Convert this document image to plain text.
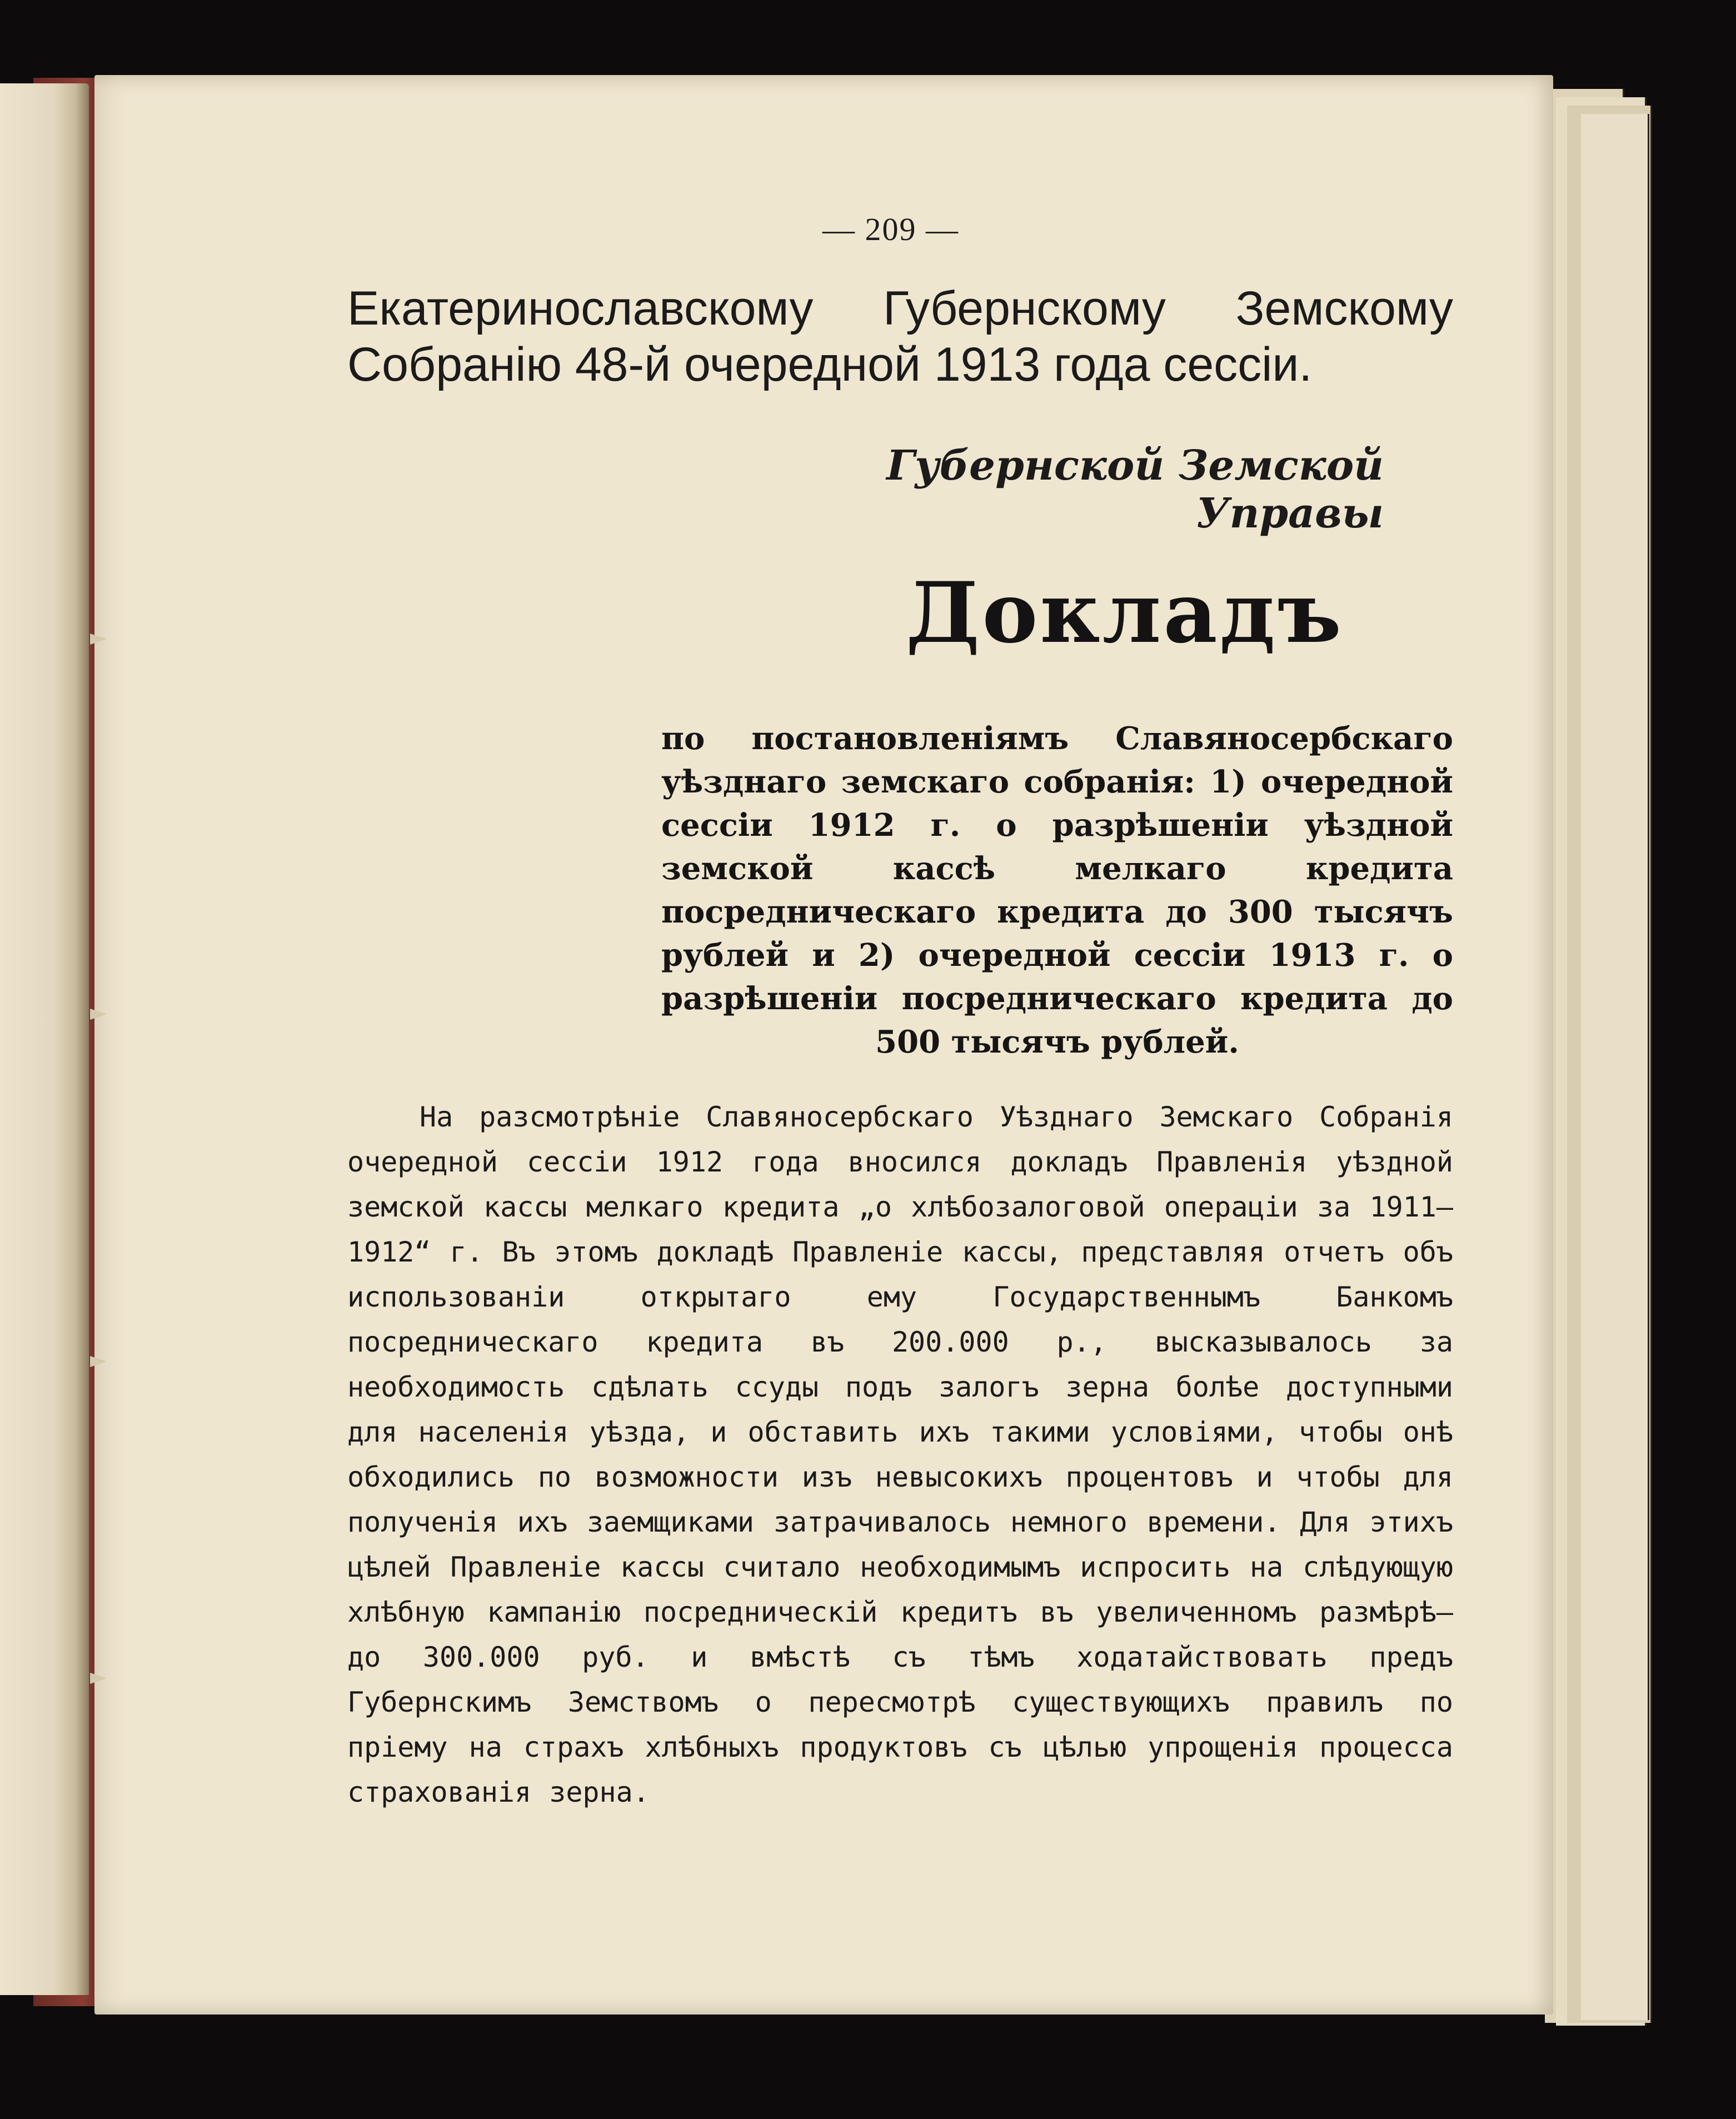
— 209 —
Екатеринославскому Губернскому Земскому Собранію 48-й очередной 1913 года сессіи.
Губернской Земской Управы
Докладъ
по постановленіямъ Славяносербскаго уѣзднаго земскаго собранія: 1) очередной сессіи 1912 г. о разрѣшеніи уѣздной земской кассѣ мелкаго кредита посредническаго кредита до 300 тысячъ рублей и 2) очередной сессіи 1913 г. о разрѣшеніи посредническаго кредита до 500 тысячъ рублей.
На разсмотрѣніе Славяносербскаго Уѣзднаго Земскаго Собранія очередной сессіи 1912 года вносился докладъ Правленія уѣздной земской кассы мелкаго кредита „о хлѣбозалоговой операціи за 1911—1912“ г. Въ этомъ докладѣ Правленіе кассы, представляя отчетъ объ использованіи открытаго ему Государственнымъ Банкомъ посредническаго кредита въ 200.000 р., высказывалось за необходимость сдѣлать ссуды подъ залогъ зерна болѣе доступными для населенія уѣзда, и обставить ихъ такими условіями, чтобы онѣ обходились по возможности изъ невысокихъ процентовъ и чтобы для полученія ихъ заемщиками затрачивалось немного времени. Для этихъ цѣлей Правленіе кассы считало необходимымъ испросить на слѣдующую хлѣбную кампанію посредническій кредитъ въ увеличенномъ размѣрѣ—до 300.000 руб. и вмѣстѣ съ тѣмъ ходатайствовать предъ Губернскимъ Земствомъ о пересмотрѣ существующихъ правилъ по пріему на страхъ хлѣбныхъ продуктовъ съ цѣлью упрощенія процесса страхованія зерна.
